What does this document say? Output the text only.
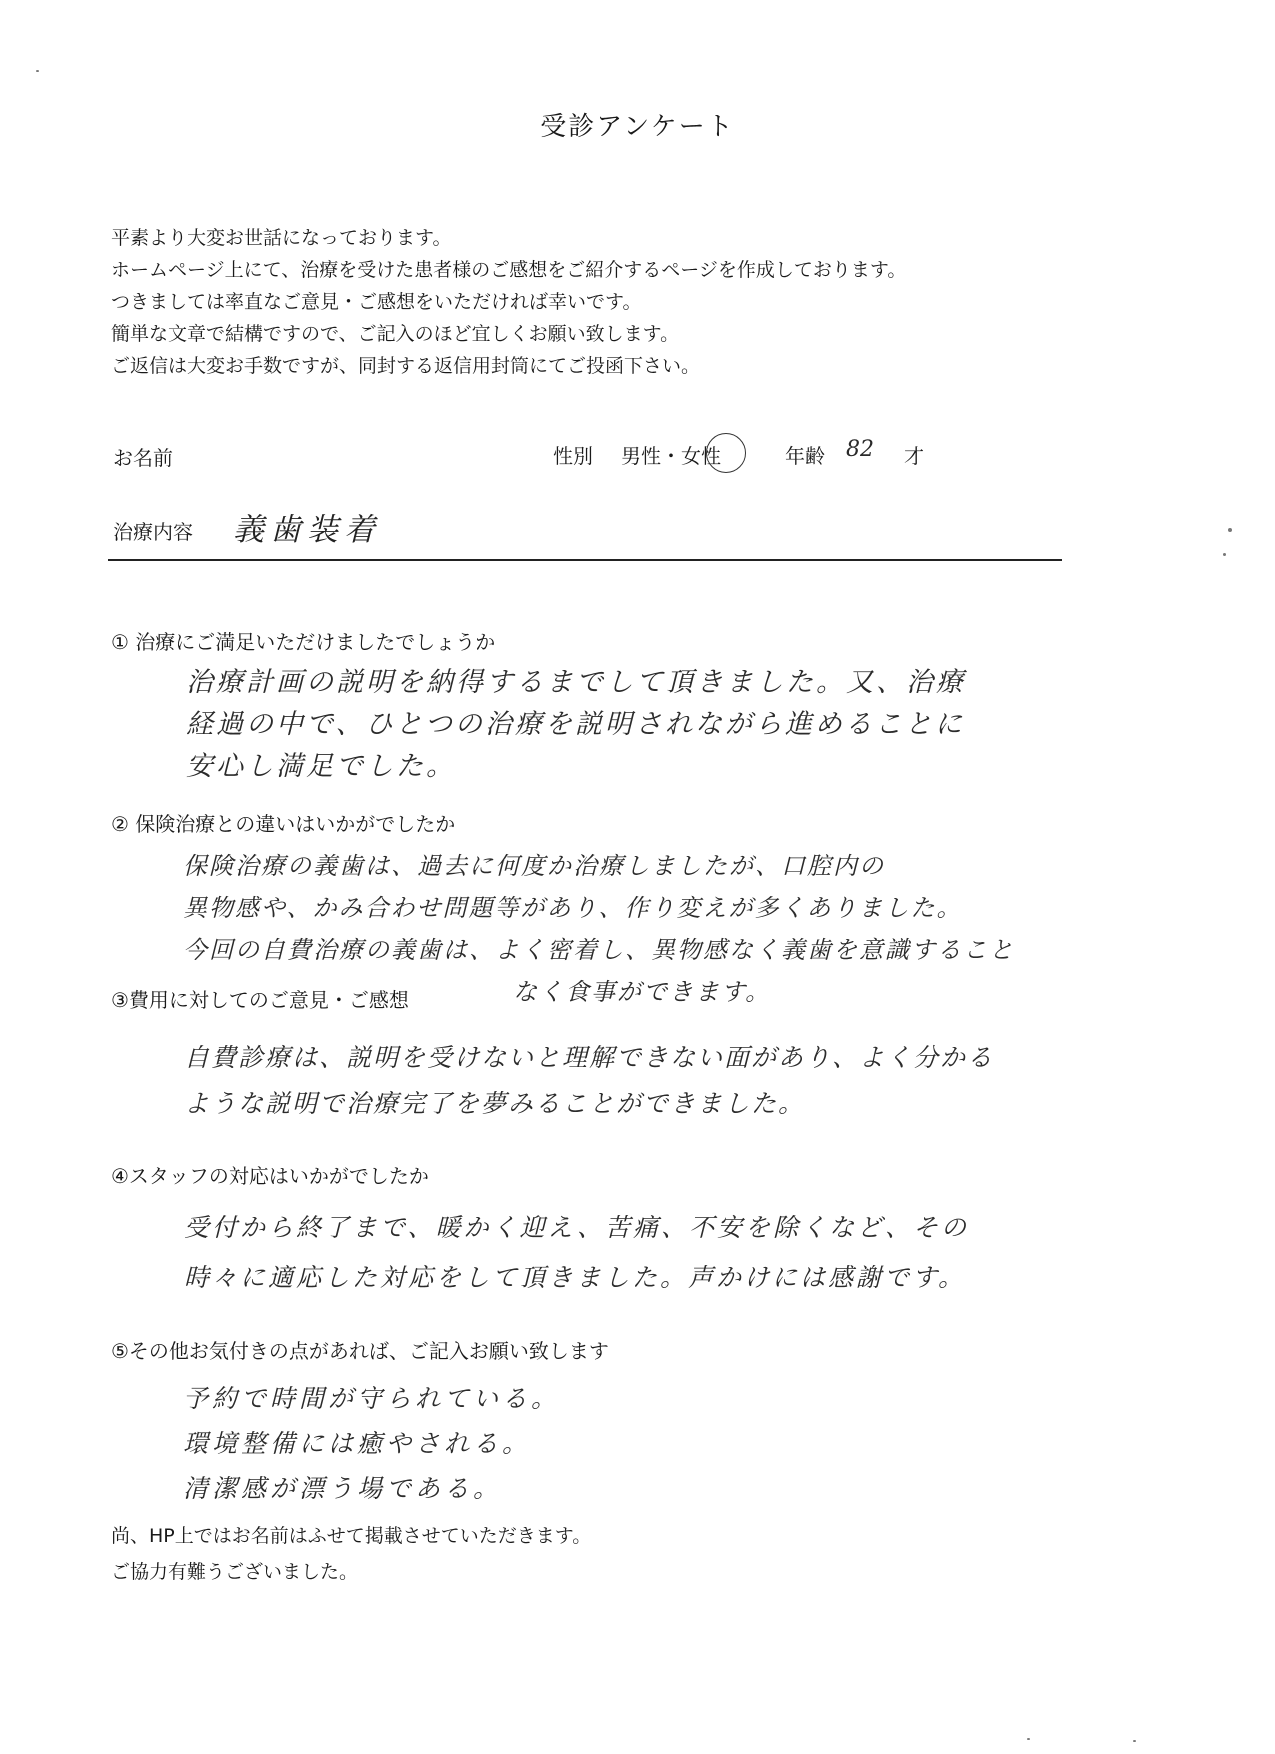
受診アンケート
平素より大変お世話になっております。
ホームページ上にて、治療を受けた患者様のご感想をご紹介するページを作成しております。
つきましては率直なご意見・ご感想をいただければ幸いです。
簡単な文章で結構ですので、ご記入のほど宜しくお願い致します。
ご返信は大変お手数ですが、同封する返信用封筒にてご投函下さい。
お名前	性別 男性・女性	年齢 82 才
治療内容 義歯装着
① 治療にご満足いただけましたでしょうか
治療計画の説明を納得するまでして頂きました。又、治療
経過の中で、ひとつの治療を説明されながら進めることに
安心し満足でした。
② 保険治療との違いはいかがでしたか
保険治療の義歯は、過去に何度か治療しましたが、口腔内の
異物感や、かみ合わせ問題等があり、作り変えが多くありました。
今回の自費治療の義歯は、よく密着し、異物感なく義歯を意識すること
なく食事ができます。
③費用に対してのご意見・ご感想
自費診療は、説明を受けないと理解できない面があり、よく分かる
ような説明で治療完了を夢みることができました。
④スタッフの対応はいかがでしたか
受付から終了まで、暖かく迎え、苦痛、不安を除くなど、その
時々に適応した対応をして頂きました。声かけには感謝です。
⑤その他お気付きの点があれば、ご記入お願い致します
予約で時間が守られている。
環境整備には癒やされる。
清潔感が漂う場である。
尚、HP上ではお名前はふせて掲載させていただきます。
ご協力有難うございました。
